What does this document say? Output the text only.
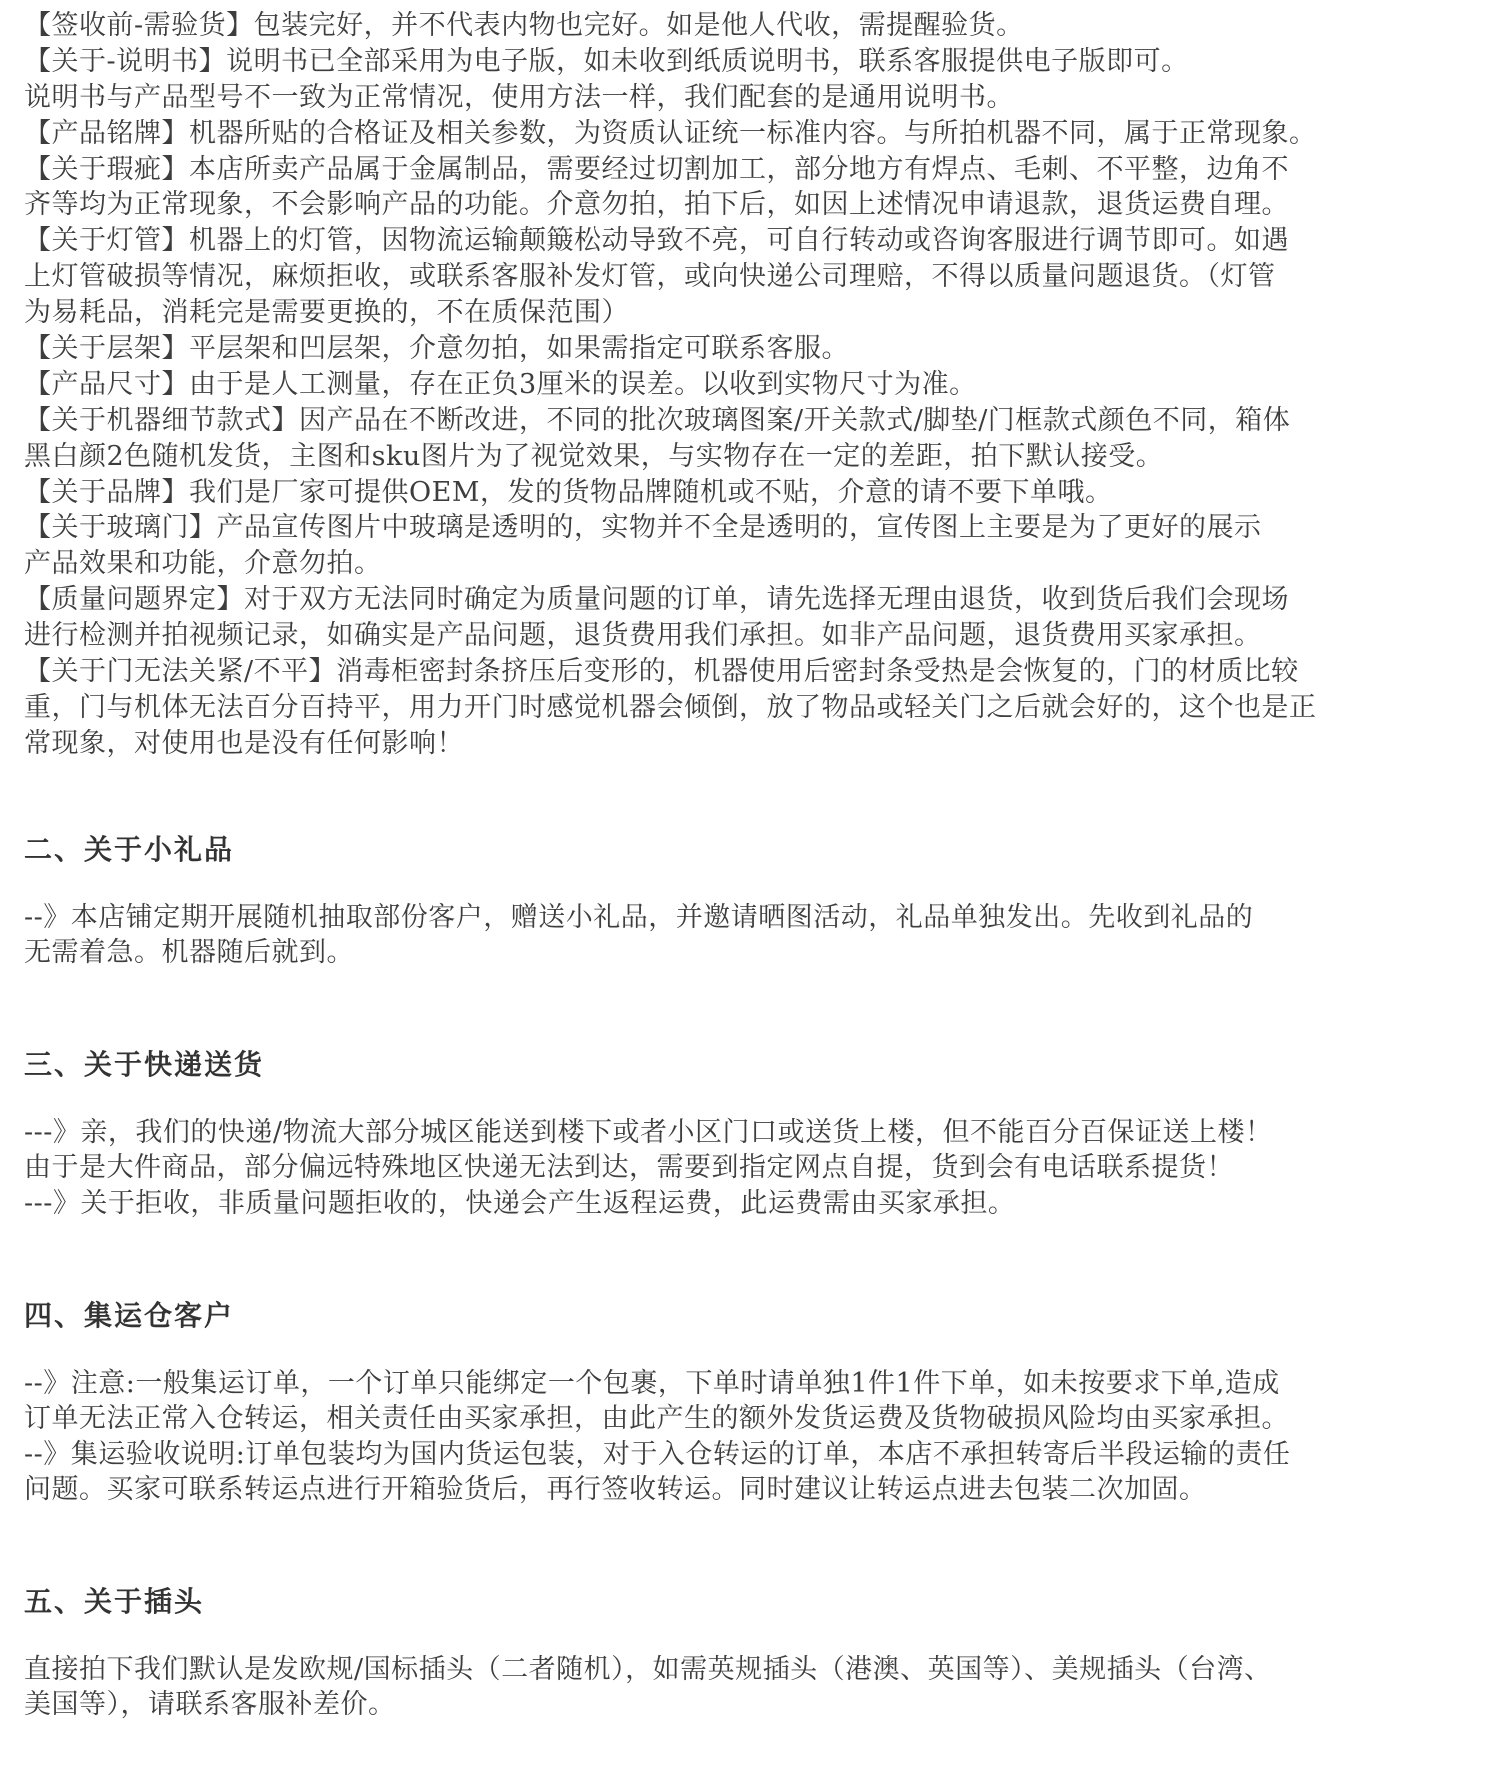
【签收前-需验货】包装完好，并不代表内物也完好。如是他人代收，需提醒验货。
【关于-说明书】说明书已全部采用为电子版，如未收到纸质说明书，联系客服提供电子版即可。
说明书与产品型号不一致为正常情况，使用方法一样，我们配套的是通用说明书。
【产品铭牌】机器所贴的合格证及相关参数，为资质认证统一标准内容。与所拍机器不同，属于正常现象。
【关于瑕疵】本店所卖产品属于金属制品，需要经过切割加工，部分地方有焊点、毛刺、不平整，边角不
齐等均为正常现象，不会影响产品的功能。介意勿拍，拍下后，如因上述情况申请退款，退货运费自理。
【关于灯管】机器上的灯管，因物流运输颠簸松动导致不亮，可自行转动或咨询客服进行调节即可。如遇
上灯管破损等情况，麻烦拒收，或联系客服补发灯管，或向快递公司理赔，不得以质量问题退货。（灯管
为易耗品，消耗完是需要更换的，不在质保范围）
【关于层架】平层架和凹层架，介意勿拍，如果需指定可联系客服。
【产品尺寸】由于是人工测量，存在正负3厘米的误差。以收到实物尺寸为准。
【关于机器细节款式】因产品在不断改进，不同的批次玻璃图案/开关款式/脚垫/门框款式颜色不同，箱体
黑白颜2色随机发货，主图和sku图片为了视觉效果，与实物存在一定的差距，拍下默认接受。
【关于品牌】我们是厂家可提供OEM，发的货物品牌随机或不贴，介意的请不要下单哦。
【关于玻璃门】产品宣传图片中玻璃是透明的，实物并不全是透明的，宣传图上主要是为了更好的展示
产品效果和功能，介意勿拍。
【质量问题界定】对于双方无法同时确定为质量问题的订单，请先选择无理由退货，收到货后我们会现场
进行检测并拍视频记录，如确实是产品问题，退货费用我们承担。如非产品问题，退货费用买家承担。
【关于门无法关紧/不平】消毒柜密封条挤压后变形的，机器使用后密封条受热是会恢复的，门的材质比较
重，门与机体无法百分百持平，用力开门时感觉机器会倾倒，放了物品或轻关门之后就会好的，这个也是正
常现象，对使用也是没有任何影响！
二、关于小礼品
--》本店铺定期开展随机抽取部份客户，赠送小礼品，并邀请晒图活动，礼品单独发出。先收到礼品的
无需着急。机器随后就到。
三、关于快递送货
---》亲，我们的快递/物流大部分城区能送到楼下或者小区门口或送货上楼，但不能百分百保证送上楼！
由于是大件商品，部分偏远特殊地区快递无法到达，需要到指定网点自提，货到会有电话联系提货！
---》关于拒收，非质量问题拒收的，快递会产生返程运费，此运费需由买家承担。
四、集运仓客户
--》注意:一般集运订单，一个订单只能绑定一个包裹，下单时请单独1件1件下单，如未按要求下单,造成
订单无法正常入仓转运，相关责任由买家承担，由此产生的额外发货运费及货物破损风险均由买家承担。
--》集运验收说明:订单包装均为国内货运包装，对于入仓转运的订单，本店不承担转寄后半段运输的责任
问题。买家可联系转运点进行开箱验货后，再行签收转运。同时建议让转运点进去包装二次加固。
五、关于插头
直接拍下我们默认是发欧规/国标插头（二者随机），如需英规插头（港澳、英国等）、美规插头（台湾、
美国等），请联系客服补差价。
